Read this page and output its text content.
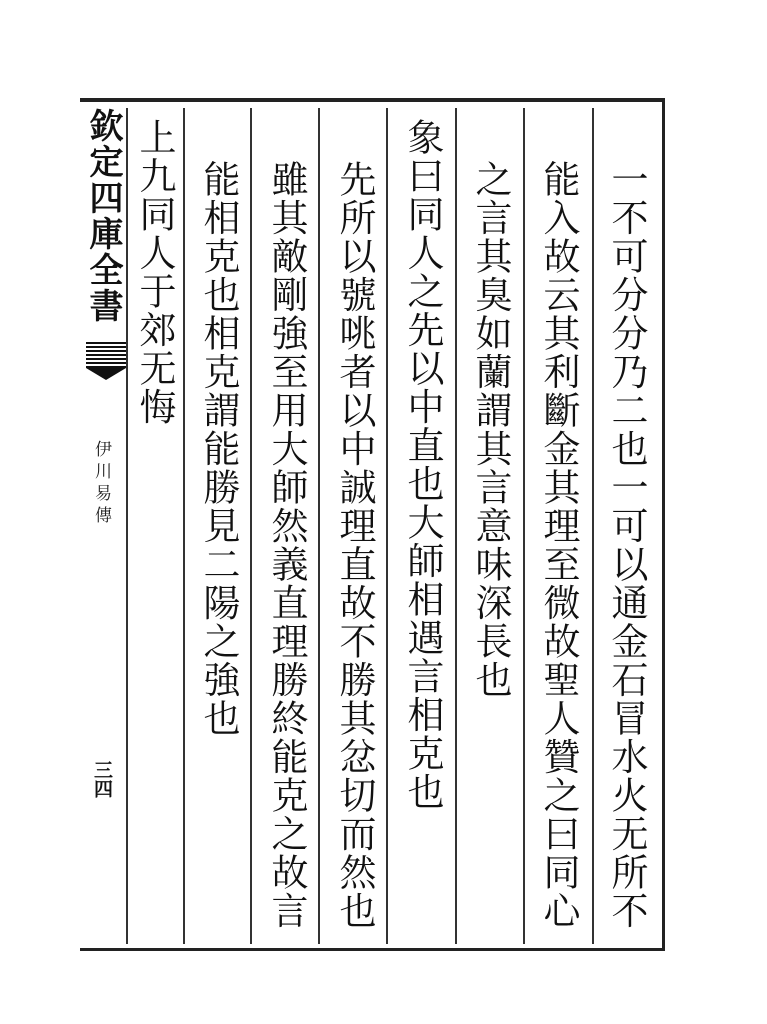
欽定四庫全書
伊川易傳
三四	一不可分分乃二也一可以通金石冒水火无所不
能入故云其利斷金其理至微故聖人贊之曰同心
之言其臭如蘭謂其言意味深長也
象曰同人之先以中直也大師相遇言相克也
先所以號咷者以中誠理直故不勝其忿切而然也
雖其敵剛強至用大師然義直理勝終能克之故言
能相克也相克謂能勝見二陽之強也
上九同人于郊无悔
